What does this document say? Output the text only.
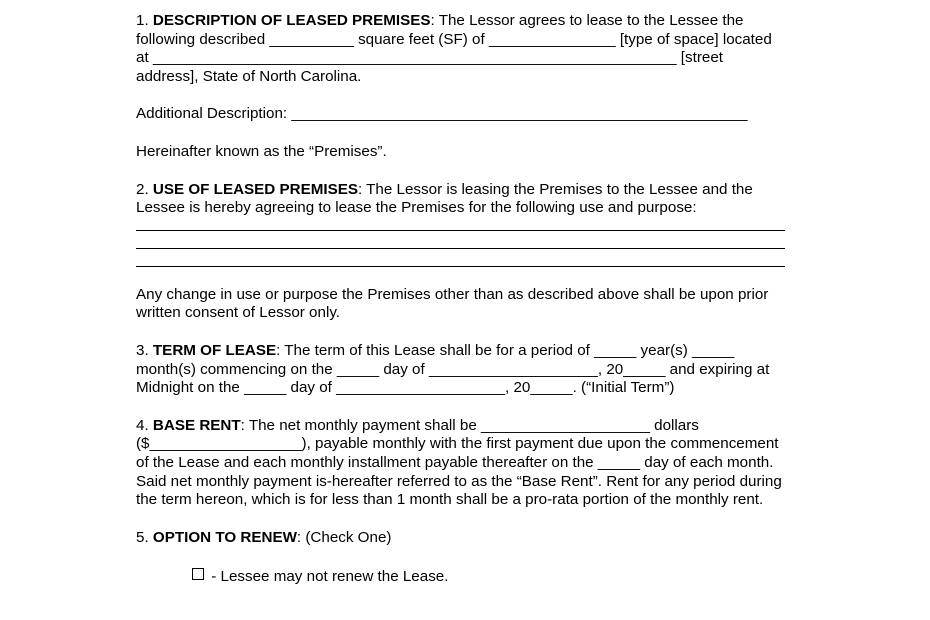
1. DESCRIPTION OF LEASED PREMISES: The Lessor agrees to lease to the Lessee the following described __________ square feet (SF) of _______________ [type of space] located at ______________________________________________________________ [street address], State of North Carolina.

Additional Description: ______________________________________________________

Hereinafter known as the “Premises”.

2. USE OF LEASED PREMISES: The Lessor is leasing the Premises to the Lessee and the Lessee is hereby agreeing to lease the Premises for the following use and purpose:

Any change in use or purpose the Premises other than as described above shall be upon prior written consent of Lessor only.

3. TERM OF LEASE: The term of this Lease shall be for a period of _____ year(s) _____ month(s) commencing on the _____ day of ____________________, 20_____ and expiring at Midnight on the _____ day of ____________________, 20_____. (“Initial Term”)

4. BASE RENT: The net monthly payment shall be ____________________ dollars ($__________________), payable monthly with the first payment due upon the commencement of the Lease and each monthly installment payable thereafter on the _____ day of each month. Said net monthly payment is-hereafter referred to as the “Base Rent”. Rent for any period during the term hereon, which is for less than 1 month shall be a pro-rata portion of the monthly rent.

5. OPTION TO RENEW: (Check One)

- Lessee may not renew the Lease.
